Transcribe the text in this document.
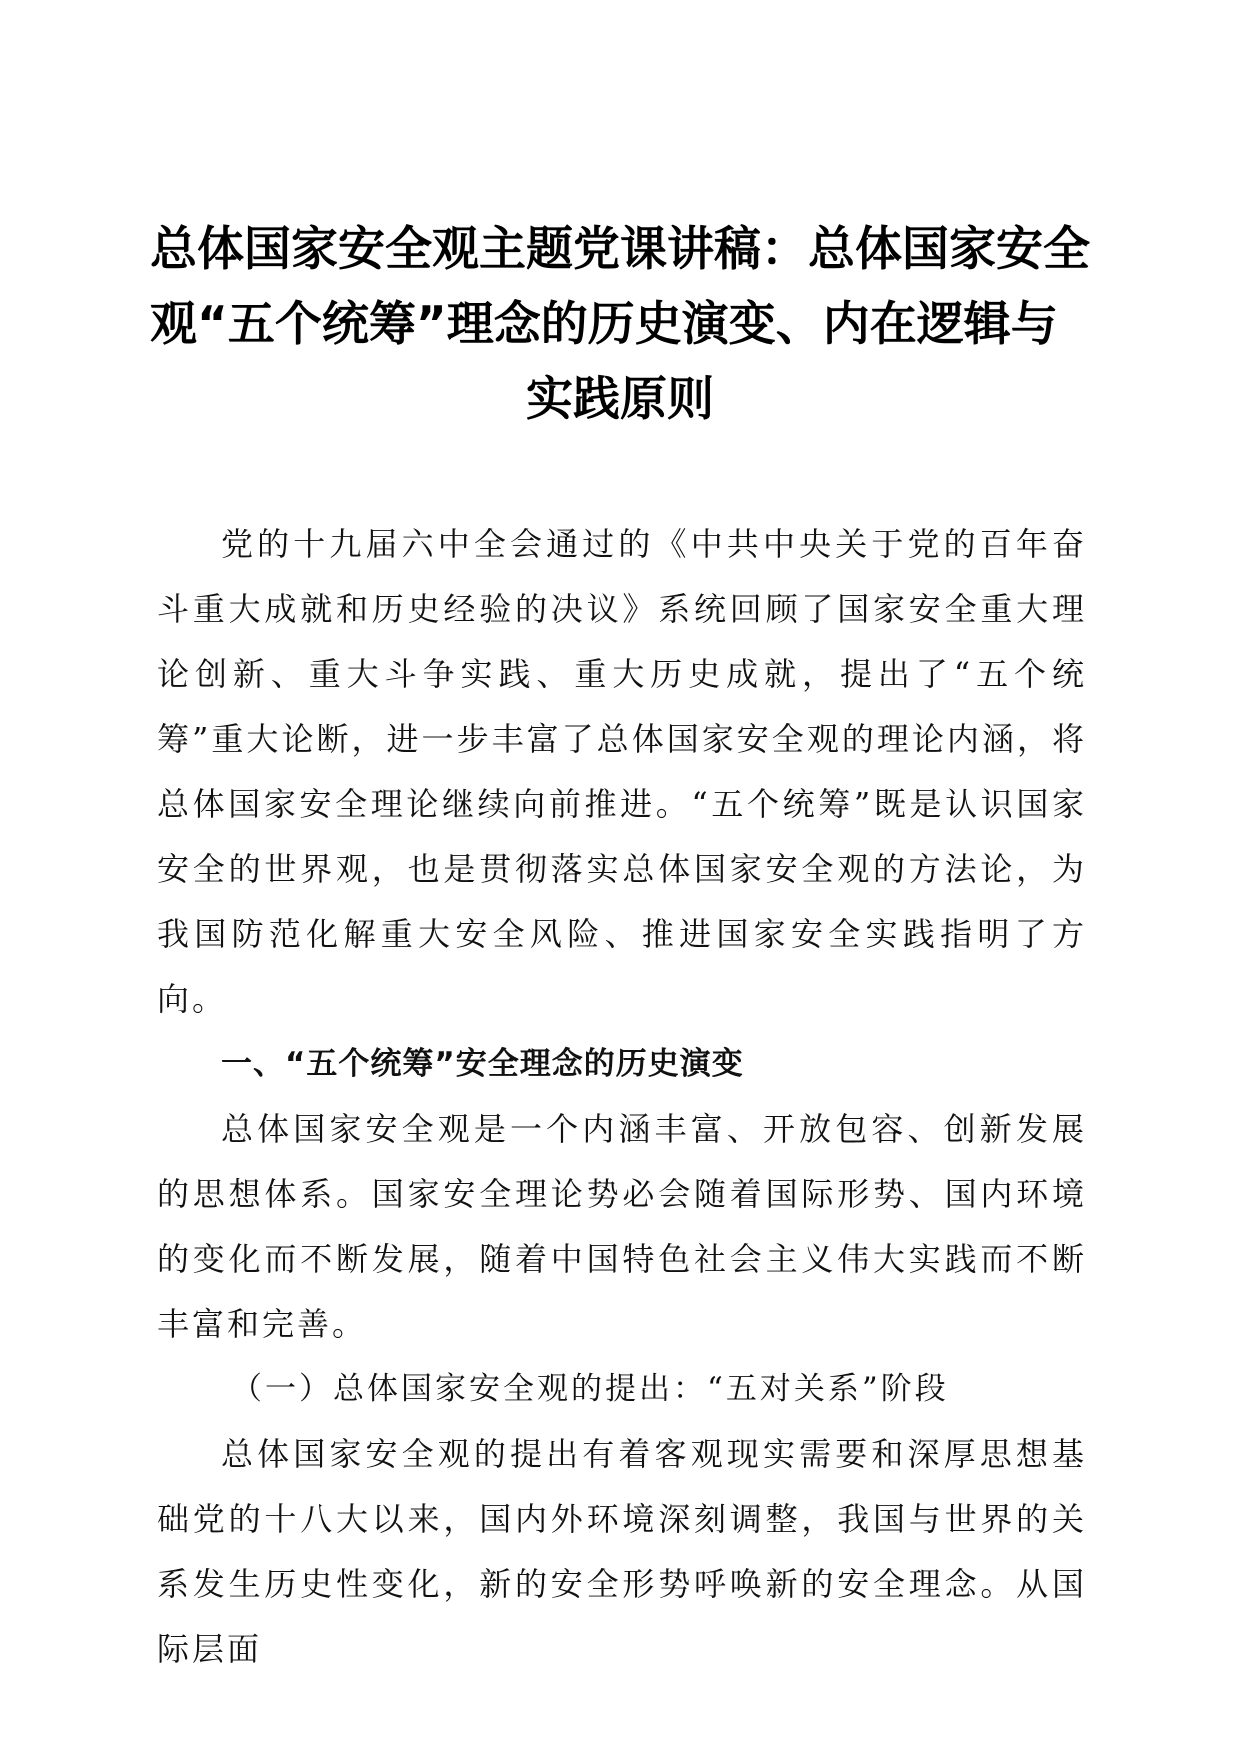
总体国家安全观主题党课讲稿：总体国家安全
观“五个统筹”理念的历史演变、内在逻辑与
实践原则

党的十九届六中全会通过的《中共中央关于党的百年奋斗重大成就和历史经验的决议》系统回顾了国家安全重大理论创新、重大斗争实践、重大历史成就，提出了“五个统筹”重大论断，进一步丰富了总体国家安全观的理论内涵，将总体国家安全理论继续向前推进。“五个统筹”既是认识国家安全的世界观，也是贯彻落实总体国家安全观的方法论，为我国防范化解重大安全风险、推进国家安全实践指明了方向。

一、“五个统筹”安全理念的历史演变

总体国家安全观是一个内涵丰富、开放包容、创新发展的思想体系。国家安全理论势必会随着国际形势、国内环境的变化而不断发展，随着中国特色社会主义伟大实践而不断丰富和完善。

（一）总体国家安全观的提出：“五对关系”阶段

总体国家安全观的提出有着客观现实需要和深厚思想基础党的十八大以来，国内外环境深刻调整，我国与世界的关系发生历史性变化，新的安全形势呼唤新的安全理念。从国际层面
